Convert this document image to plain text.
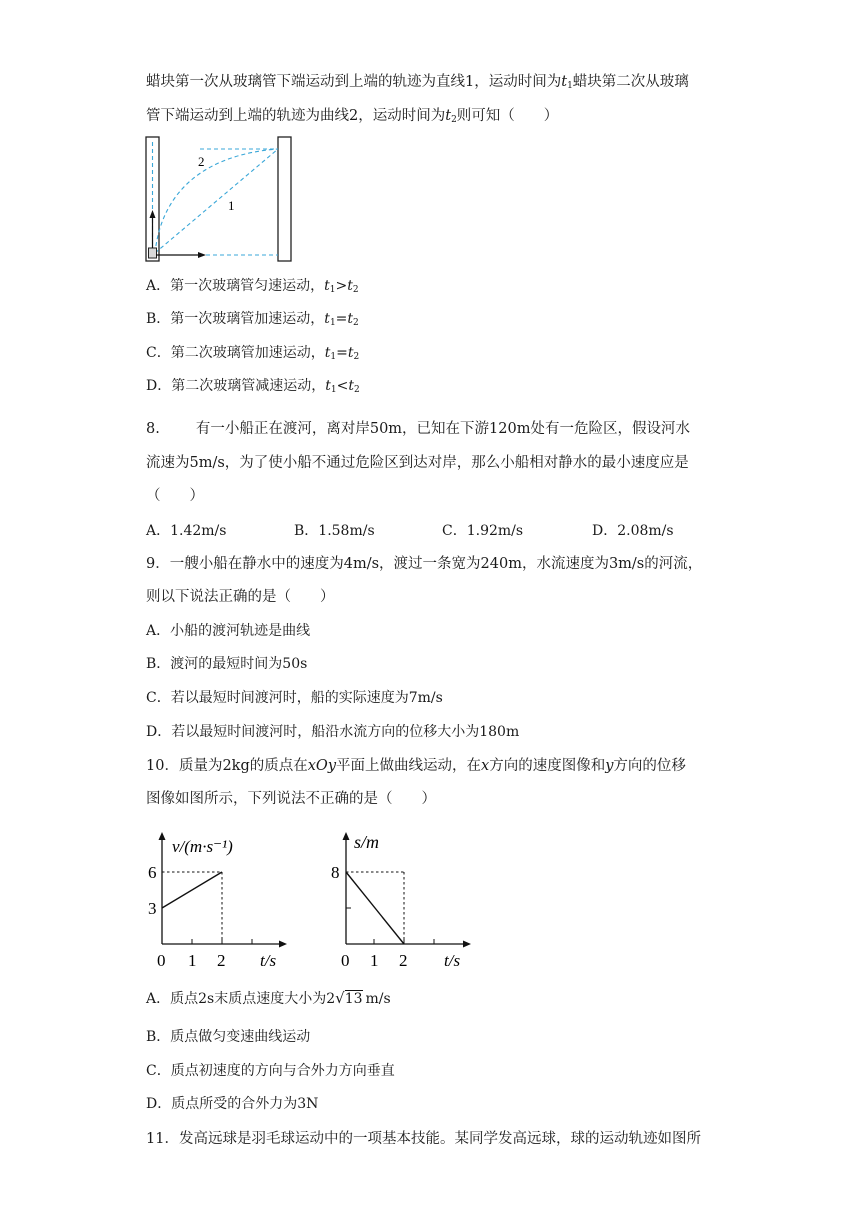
蜡块第一次从玻璃管下端运动到上端的轨迹为直线1，运动时间为$t_1$蜡块第二次从玻璃
管下端运动到上端的轨迹为曲线2，运动时间为$t_2$则可知（　　）
2
1
A．第一次玻璃管匀速运动，$t_1>t_2$
B．第一次玻璃管加速运动，$t_1=t_2$
C．第二次玻璃管加速运动，$t_1=t_2$
D．第二次玻璃管减速运动，$t_1<t_2$
8. 有一小船正在渡河，离对岸50m，已知在下游120m处有一危险区，假设河水
流速为5m/s，为了使小船不通过危险区到达对岸，那么小船相对静水的最小速度应是
（　　）
A．1.42m/s	B．1.58m/s	C．1.92m/s	D．2.08m/s
9．一艘小船在静水中的速度为4m/s，渡过一条宽为240m，水流速度为3m/s的河流，
则以下说法正确的是（　　）
A．小船的渡河轨迹是曲线
B．渡河的最短时间为50s
C．若以最短时间渡河时，船的实际速度为7m/s
D．若以最短时间渡河时，船沿水流方向的位移大小为180m
10．质量为2kg的质点在xOy平面上做曲线运动，在x方向的速度图像和y方向的位移
图像如图所示，下列说法不正确的是（　　）
v/(m·s⁻¹)
6
3
0 1 2 t/s
s/m
8
0 1 2 t/s
A．质点2s末质点速度大小为2√13 m/s
B．质点做匀变速曲线运动
C．质点初速度的方向与合外力方向垂直
D．质点所受的合外力为3N
11．发高远球是羽毛球运动中的一项基本技能。某同学发高远球，球的运动轨迹如图所
